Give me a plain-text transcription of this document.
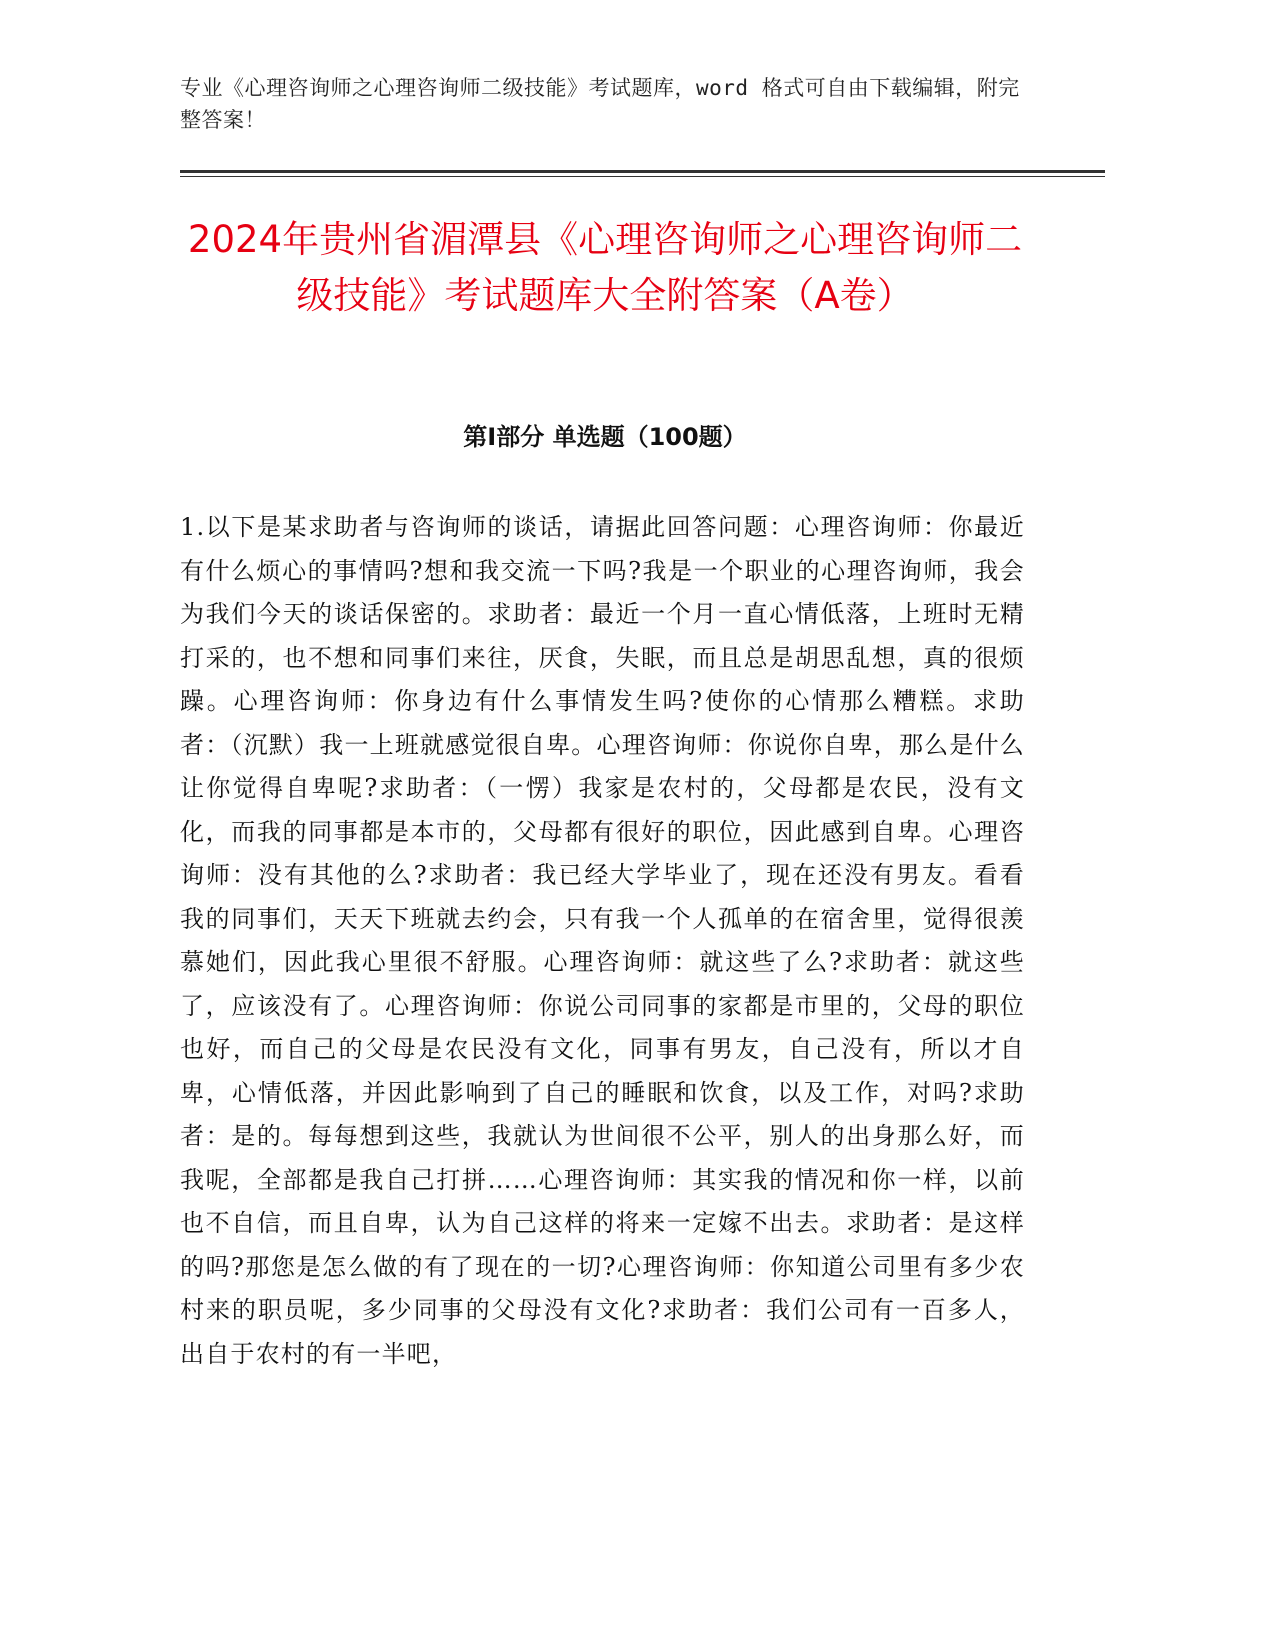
专业《心理咨询师之心理咨询师二级技能》考试题库，word 格式可自由下载编辑，附完整答案！
2024年贵州省湄潭县《心理咨询师之心理咨询师二级技能》考试题库大全附答案（A卷）
第Ⅰ部分 单选题（100题）

1.以下是某求助者与咨询师的谈话，请据此回答问题：心理咨询师：你最近有什么烦心的事情吗?想和我交流一下吗?我是一个职业的心理咨询师，我会为我们今天的谈话保密的。求助者：最近一个月一直心情低落，上班时无精打采的，也不想和同事们来往，厌食，失眠，而且总是胡思乱想，真的很烦躁。心理咨询师：你身边有什么事情发生吗?使你的心情那么糟糕。求助者：（沉默）我一上班就感觉很自卑。心理咨询师：你说你自卑，那么是什么让你觉得自卑呢?求助者：（一愣）我家是农村的，父母都是农民，没有文化，而我的同事都是本市的，父母都有很好的职位，因此感到自卑。心理咨询师：没有其他的么?求助者：我已经大学毕业了，现在还没有男友。看看我的同事们，天天下班就去约会，只有我一个人孤单的在宿舍里，觉得很羡慕她们，因此我心里很不舒服。心理咨询师：就这些了么?求助者：就这些了，应该没有了。心理咨询师：你说公司同事的家都是市里的，父母的职位也好，而自己的父母是农民没有文化，同事有男友，自己没有，所以才自卑，心情低落，并因此影响到了自己的睡眠和饮食，以及工作，对吗?求助者：是的。每每想到这些，我就认为世间很不公平，别人的出身那么好，而我呢，全部都是我自己打拼……心理咨询师：其实我的情况和你一样，以前也不自信，而且自卑，认为自己这样的将来一定嫁不出去。求助者：是这样的吗?那您是怎么做的有了现在的一切?心理咨询师：你知道公司里有多少农村来的职员呢，多少同事的父母没有文化?求助者：我们公司有一百多人，出自于农村的有一半吧，
